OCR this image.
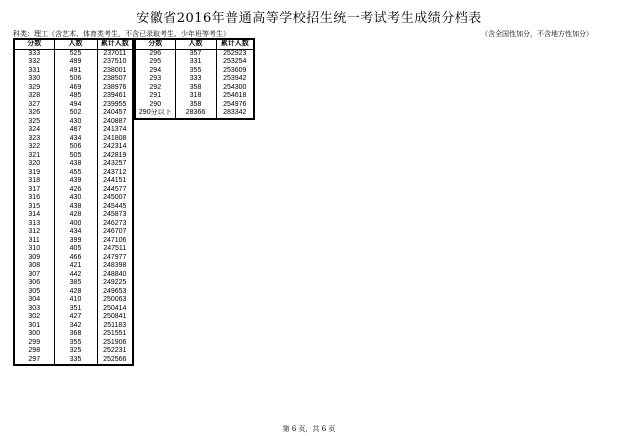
安徽省2016年普通高等学校招生统一考试考生成绩分档表
科类：理工（含艺术、体育类考生，不含已录取考生、少年班等考生）	（含全国性加分，不含地方性加分）
分数	人数	累计人数
333	525	237011
332	499	237510
331	491	238001
330	506	238507
329	469	238976
328	485	239461
327	494	239955
326	502	240457
325	430	240887
324	487	241374
323	434	241808
322	506	242314
321	505	242819
320	438	243257
319	455	243712
318	439	244151
317	426	244577
316	430	245007
315	438	245445
314	428	245873
313	400	246273
312	434	246707
311	399	247106
310	405	247511
309	466	247977
308	421	248398
307	442	248840
306	385	249225
305	428	249653
304	410	250063
303	351	250414
302	427	250841
301	342	251183
300	368	251551
299	355	251906
298	325	252231
297	335	252566
分数	人数	累计人数
296	357	252923
295	331	253254
294	355	253609
293	333	253942
292	358	254300
291	318	254618
290	358	254976
290分以下	28366	283342
第 6 页，共 6 页
